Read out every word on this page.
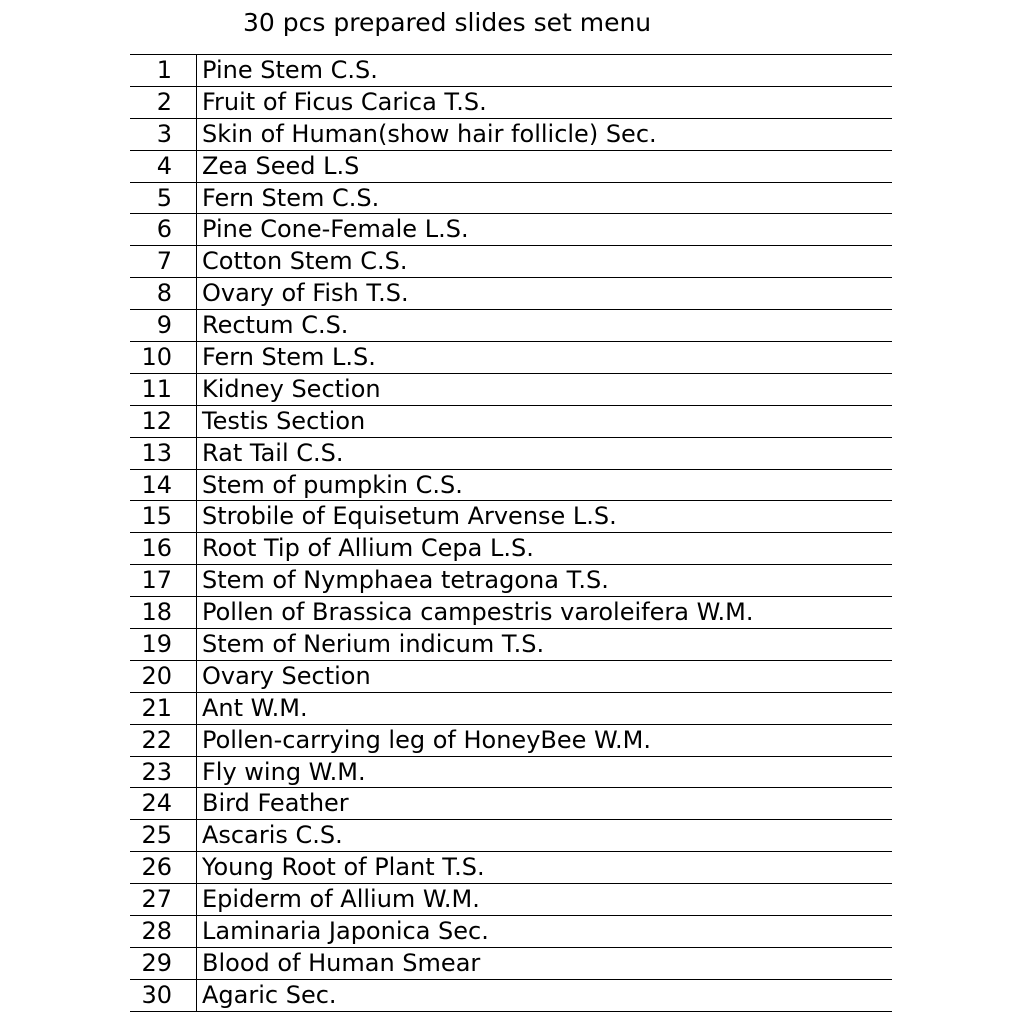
30 pcs prepared slides set menu
1	Pine Stem C.S.
2	Fruit of Ficus Carica T.S.
3	Skin of Human(show hair follicle) Sec.
4	Zea Seed L.S
5	Fern Stem C.S.
6	Pine Cone-Female L.S.
7	Cotton Stem C.S.
8	Ovary of Fish T.S.
9	Rectum C.S.
10	Fern Stem L.S.
11	Kidney Section
12	Testis Section
13	Rat Tail C.S.
14	Stem of pumpkin C.S.
15	Strobile of Equisetum Arvense L.S.
16	Root Tip of Allium Cepa L.S.
17	Stem of Nymphaea tetragona T.S.
18	Pollen of Brassica campestris varoleifera W.M.
19	Stem of Nerium indicum T.S.
20	Ovary Section
21	Ant W.M.
22	Pollen-carrying leg of HoneyBee W.M.
23	Fly wing W.M.
24	Bird Feather
25	Ascaris C.S.
26	Young Root of Plant T.S.
27	Epiderm of Allium W.M.
28	Laminaria Japonica Sec.
29	Blood of Human Smear
30	Agaric Sec.
